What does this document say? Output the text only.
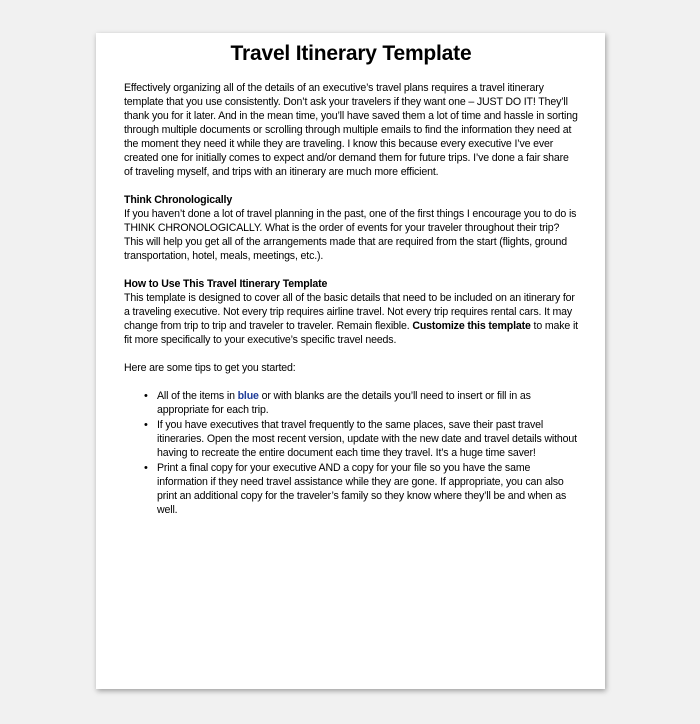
Travel Itinerary Template

Effectively organizing all of the details of an executive’s travel plans requires a travel itinerary template that you use consistently. Don’t ask your travelers if they want one – JUST DO IT! They’ll thank you for it later. And in the mean time, you’ll have saved them a lot of time and hassle in sorting through multiple documents or scrolling through multiple emails to find the information they need at the moment they need it while they are traveling. I know this because every executive I’ve ever created one for initially comes to expect and/or demand them for future trips. I’ve done a fair share of traveling myself, and trips with an itinerary are much more efficient.

Think Chronologically
If you haven’t done a lot of travel planning in the past, one of the first things I encourage you to do is THINK CHRONOLOGICALLY. What is the order of events for your traveler throughout their trip? This will help you get all of the arrangements made that are required from the start (flights, ground transportation, hotel, meals, meetings, etc.).

How to Use This Travel Itinerary Template
This template is designed to cover all of the basic details that need to be included on an itinerary for a traveling executive. Not every trip requires airline travel. Not every trip requires rental cars. It may change from trip to trip and traveler to traveler. Remain flexible. Customize this template to make it fit more specifically to your executive’s specific travel needs.

Here are some tips to get you started:

• All of the items in blue or with blanks are the details you’ll need to insert or fill in as appropriate for each trip.
• If you have executives that travel frequently to the same places, save their past travel itineraries. Open the most recent version, update with the new date and travel details without having to recreate the entire document each time they travel. It’s a huge time saver!
• Print a final copy for your executive AND a copy for your file so you have the same information if they need travel assistance while they are gone. If appropriate, you can also print an additional copy for the traveler’s family so they know where they’ll be and when as well.
